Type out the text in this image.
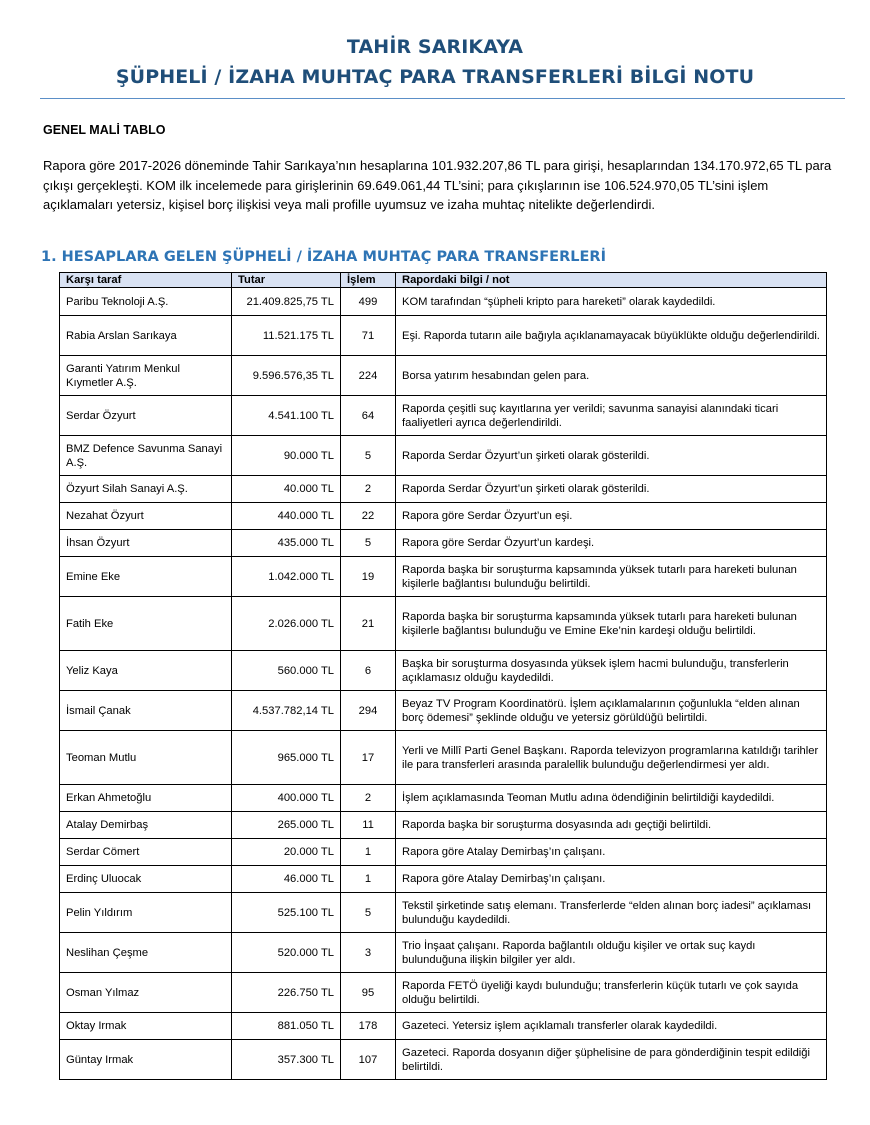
TAHİR SARIKAYA
ŞÜPHELİ / İZAHA MUHTAÇ PARA TRANSFERLERİ BİLGİ NOTU
GENEL MALİ TABLO
Rapora göre 2017-2026 döneminde Tahir Sarıkaya’nın hesaplarına 101.932.207,86 TL para girişi, hesaplarından 134.170.972,65 TL para çıkışı gerçekleşti. KOM ilk incelemede para girişlerinin 69.649.061,44 TL’sini; para çıkışlarının ise 106.524.970,05 TL’sini işlem açıklamaları yetersiz, kişisel borç ilişkisi veya mali profille uyumsuz ve izaha muhtaç nitelikte değerlendirdi.
1. HESAPLARA GELEN ŞÜPHELİ / İZAHA MUHTAÇ PARA TRANSFERLERİ
Karşı taraf	Tutar	İşlem	Rapordaki bilgi / not
Paribu Teknoloji A.Ş.	21.409.825,75 TL	499	KOM tarafından “şüpheli kripto para hareketi” olarak kaydedildi.
Rabia Arslan Sarıkaya	11.521.175 TL	71	Eşi. Raporda tutarın aile bağıyla açıklanamayacak büyüklükte olduğu değerlendirildi.
Garanti Yatırım Menkul Kıymetler A.Ş.	9.596.576,35 TL	224	Borsa yatırım hesabından gelen para.
Serdar Özyurt	4.541.100 TL	64	Raporda çeşitli suç kayıtlarına yer verildi; savunma sanayisi alanındaki ticari faaliyetleri ayrıca değerlendirildi.
BMZ Defence Savunma Sanayi A.Ş.	90.000 TL	5	Raporda Serdar Özyurt’un şirketi olarak gösterildi.
Özyurt Silah Sanayi A.Ş.	40.000 TL	2	Raporda Serdar Özyurt’un şirketi olarak gösterildi.
Nezahat Özyurt	440.000 TL	22	Rapora göre Serdar Özyurt’un eşi.
İhsan Özyurt	435.000 TL	5	Rapora göre Serdar Özyurt’un kardeşi.
Emine Eke	1.042.000 TL	19	Raporda başka bir soruşturma kapsamında yüksek tutarlı para hareketi bulunan kişilerle bağlantısı bulunduğu belirtildi.
Fatih Eke	2.026.000 TL	21	Raporda başka bir soruşturma kapsamında yüksek tutarlı para hareketi bulunan kişilerle bağlantısı bulunduğu ve Emine Eke’nin kardeşi olduğu belirtildi.
Yeliz Kaya	560.000 TL	6	Başka bir soruşturma dosyasında yüksek işlem hacmi bulunduğu, transferlerin açıklamasız olduğu kaydedildi.
İsmail Çanak	4.537.782,14 TL	294	Beyaz TV Program Koordinatörü. İşlem açıklamalarının çoğunlukla “elden alınan borç ödemesi” şeklinde olduğu ve yetersiz görüldüğü belirtildi.
Teoman Mutlu	965.000 TL	17	Yerli ve Millî Parti Genel Başkanı. Raporda televizyon programlarına katıldığı tarihler ile para transferleri arasında paralellik bulunduğu değerlendirmesi yer aldı.
Erkan Ahmetoğlu	400.000 TL	2	İşlem açıklamasında Teoman Mutlu adına ödendiğinin belirtildiği kaydedildi.
Atalay Demirbaş	265.000 TL	11	Raporda başka bir soruşturma dosyasında adı geçtiği belirtildi.
Serdar Cömert	20.000 TL	1	Rapora göre Atalay Demirbaş’ın çalışanı.
Erdinç Uluocak	46.000 TL	1	Rapora göre Atalay Demirbaş’ın çalışanı.
Pelin Yıldırım	525.100 TL	5	Tekstil şirketinde satış elemanı. Transferlerde “elden alınan borç iadesi” açıklaması bulunduğu kaydedildi.
Neslihan Çeşme	520.000 TL	3	Trio İnşaat çalışanı. Raporda bağlantılı olduğu kişiler ve ortak suç kaydı bulunduğuna ilişkin bilgiler yer aldı.
Osman Yılmaz	226.750 TL	95	Raporda FETÖ üyeliği kaydı bulunduğu; transferlerin küçük tutarlı ve çok sayıda olduğu belirtildi.
Oktay Irmak	881.050 TL	178	Gazeteci. Yetersiz işlem açıklamalı transferler olarak kaydedildi.
Güntay Irmak	357.300 TL	107	Gazeteci. Raporda dosyanın diğer şüphelisine de para gönderdiğinin tespit edildiği belirtildi.
